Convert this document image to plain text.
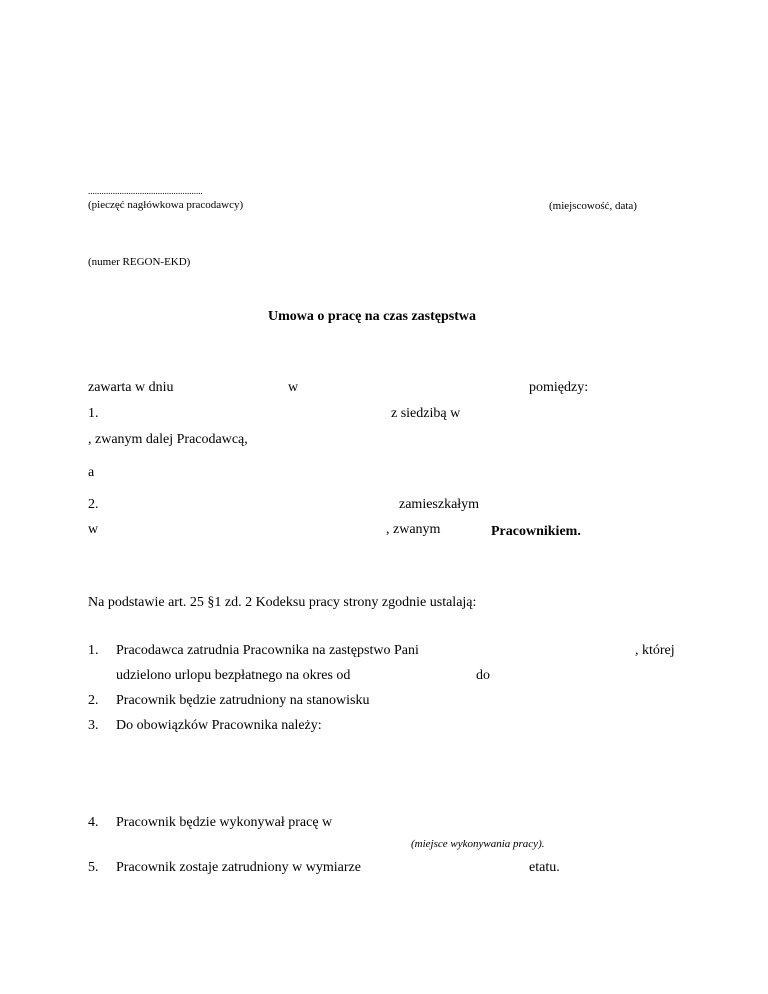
...................................................
(pieczęć nagłówkowa pracodawcy)	(miejscowość, data)
(numer REGON-EKD)
Umowa o pracę na czas zastępstwa
zawarta w dniu	w	pomiędzy:
1.	z siedzibą w
, zwanym dalej Pracodawcą,
a
2.	zamieszkałym
w	, zwanym	Pracownikiem.
Na podstawie art. 25 §1 zd. 2 Kodeksu pracy strony zgodnie ustalają:
1. Pracodawca zatrudnia Pracownika na zastępstwo Pani	, której
udzielono urlopu bezpłatnego na okres od	do
2. Pracownik będzie zatrudniony na stanowisku
3. Do obowiązków Pracownika należy:
4. Pracownik będzie wykonywał pracę w
(miejsce wykonywania pracy).
5. Pracownik zostaje zatrudniony w wymiarze	etatu.
